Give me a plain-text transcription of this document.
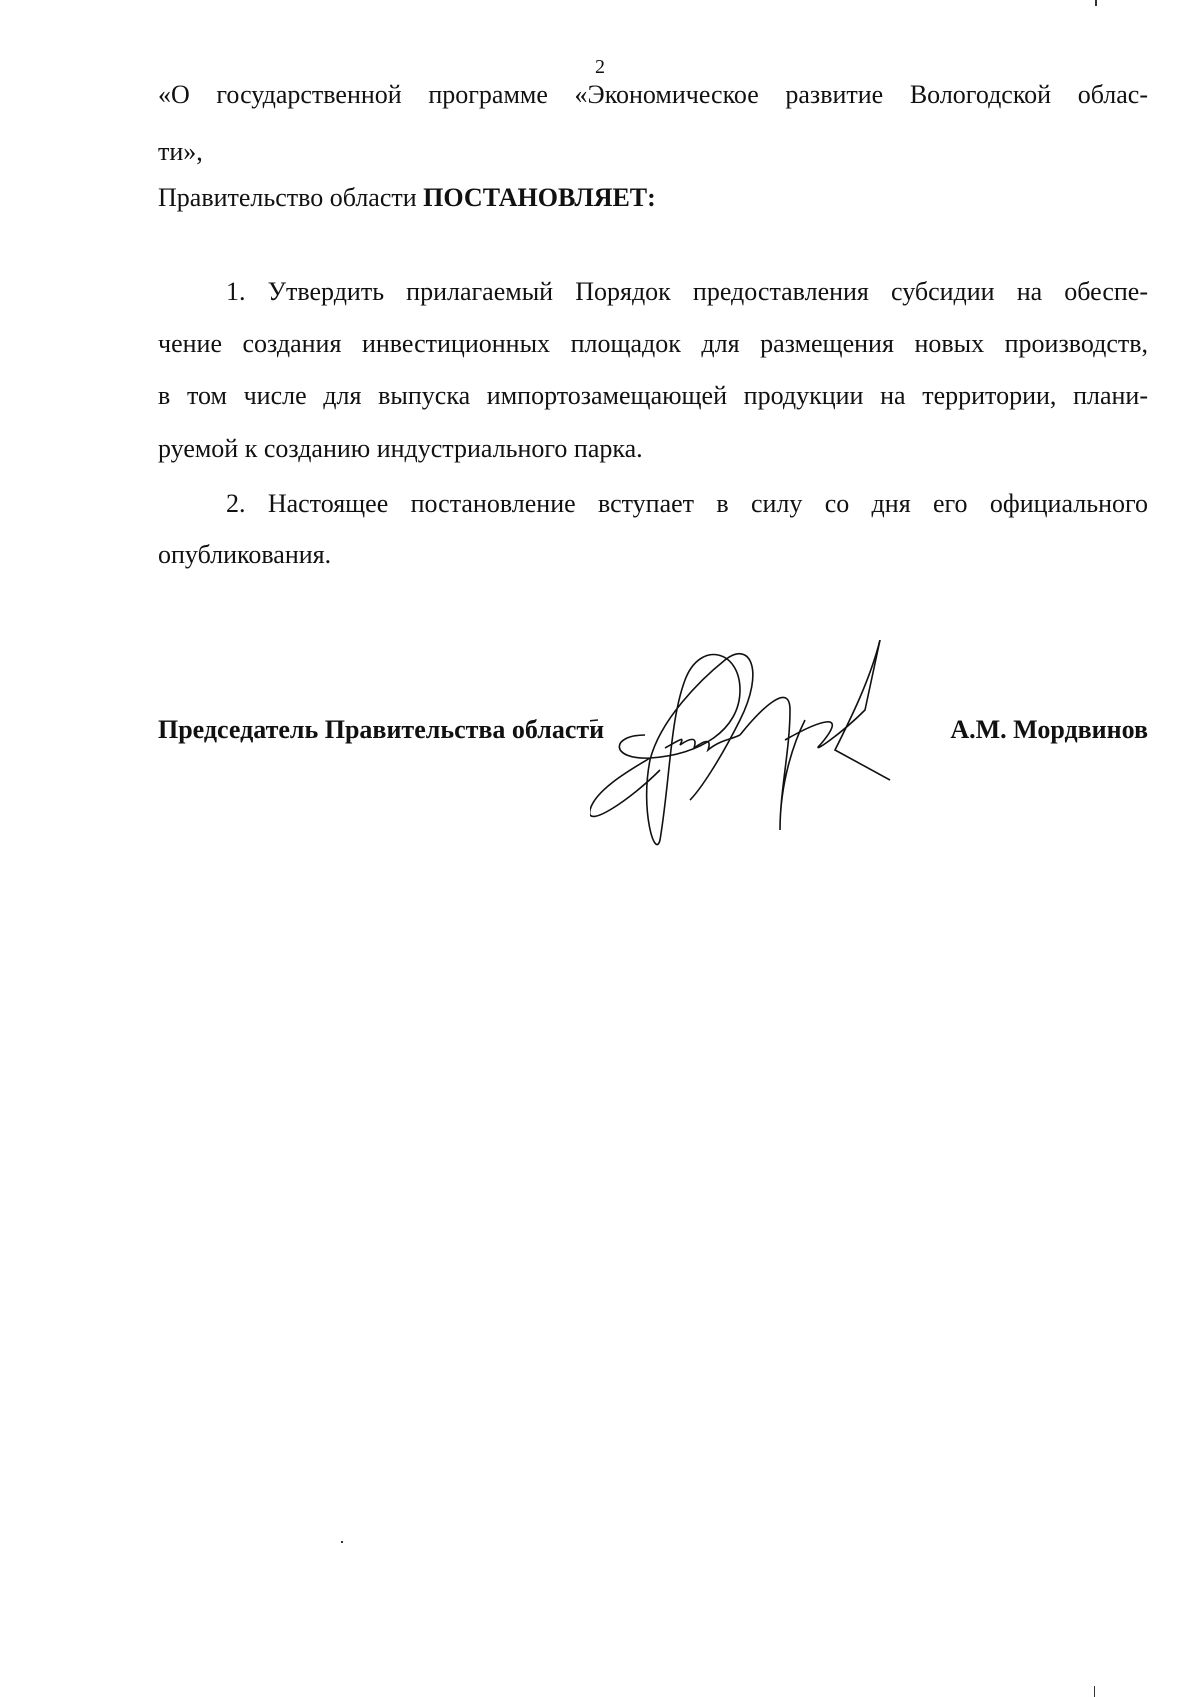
2
«О государственной программе «Экономическое развитие Вологодской облас-
ти»,
Правительство области ПОСТАНОВЛЯЕТ:
1. Утвердить прилагаемый Порядок предоставления субсидии на обеспе-
чение создания инвестиционных площадок для размещения новых производств,
в том числе для выпуска импортозамещающей продукции на территории, плани-
руемой к созданию индустриального парка.
2. Настоящее постановление вступает в силу со дня его официального
опубликования.
Председатель Правительства области	А.М. Мордвинов
